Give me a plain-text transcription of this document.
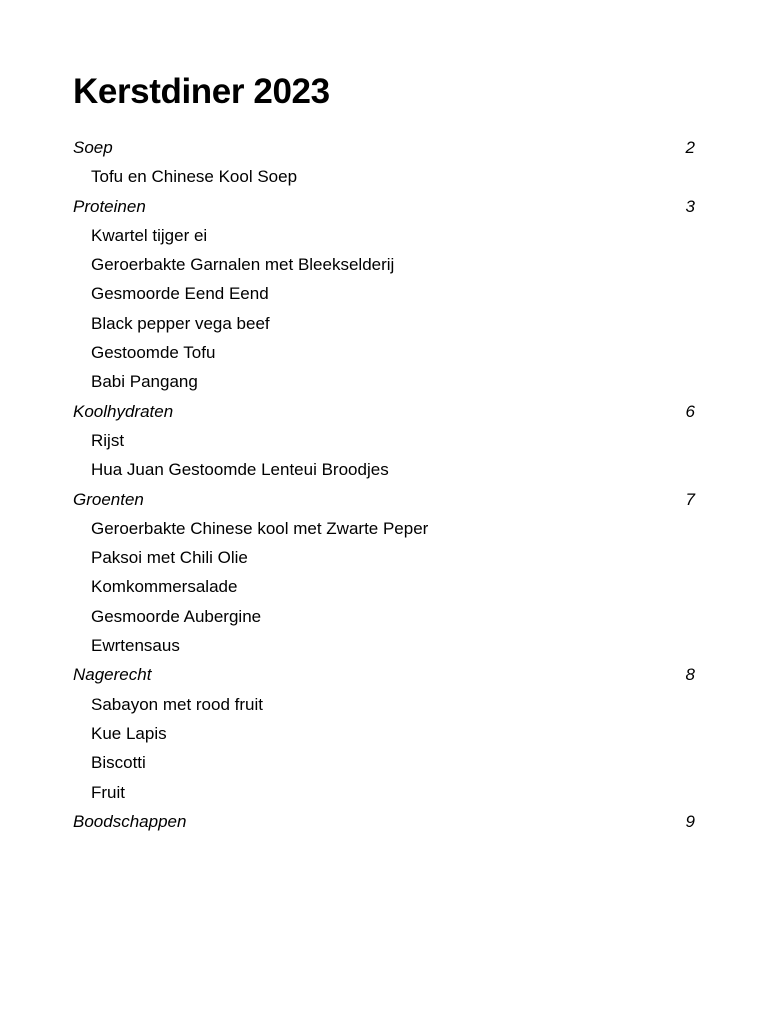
Kerstdiner 2023
Soep	2
Tofu en Chinese Kool Soep
Proteinen	3
Kwartel tijger ei
Geroerbakte Garnalen met Bleekselderij
Gesmoorde Eend Eend
Black pepper vega beef
Gestoomde Tofu
Babi Pangang
Koolhydraten	6
Rijst
Hua Juan Gestoomde Lenteui Broodjes
Groenten	7
Geroerbakte Chinese kool met Zwarte Peper
Paksoi met Chili Olie
Komkommersalade
Gesmoorde Aubergine
Ewrtensaus
Nagerecht	8
Sabayon met rood fruit
Kue Lapis
Biscotti
Fruit
Boodschappen	9
